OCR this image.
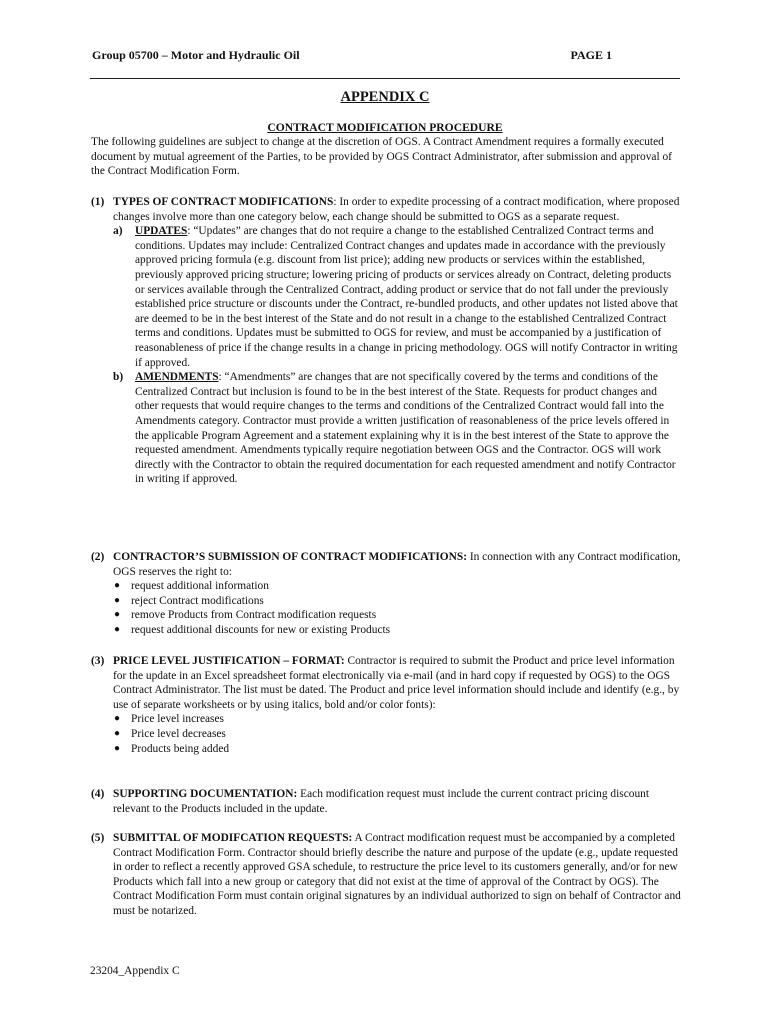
Group 05700 – Motor and Hydraulic Oil	PAGE 1
APPENDIX C
CONTRACT MODIFICATION PROCEDURE
The following guidelines are subject to change at the discretion of OGS. A Contract Amendment requires a formally executed document by mutual agreement of the Parties, to be provided by OGS Contract Administrator, after submission and approval of the Contract Modification Form.
(1) TYPES OF CONTRACT MODIFICATIONS: In order to expedite processing of a contract modification, where proposed changes involve more than one category below, each change should be submitted to OGS as a separate request.
a) UPDATES: “Updates” are changes that do not require a change to the established Centralized Contract terms and conditions. Updates may include: Centralized Contract changes and updates made in accordance with the previously approved pricing formula (e.g. discount from list price); adding new products or services within the established, previously approved pricing structure; lowering pricing of products or services already on Contract, deleting products or services available through the Centralized Contract, adding product or service that do not fall under the previously established price structure or discounts under the Contract, re-bundled products, and other updates not listed above that are deemed to be in the best interest of the State and do not result in a change to the established Centralized Contract terms and conditions. Updates must be submitted to OGS for review, and must be accompanied by a justification of reasonableness of price if the change results in a change in pricing methodology. OGS will notify Contractor in writing if approved.
b) AMENDMENTS: “Amendments” are changes that are not specifically covered by the terms and conditions of the Centralized Contract but inclusion is found to be in the best interest of the State. Requests for product changes and other requests that would require changes to the terms and conditions of the Centralized Contract would fall into the Amendments category. Contractor must provide a written justification of reasonableness of the price levels offered in the applicable Program Agreement and a statement explaining why it is in the best interest of the State to approve the requested amendment. Amendments typically require negotiation between OGS and the Contractor. OGS will work directly with the Contractor to obtain the required documentation for each requested amendment and notify Contractor in writing if approved.
(2) CONTRACTOR’S SUBMISSION OF CONTRACT MODIFICATIONS: In connection with any Contract modification, OGS reserves the right to:
● request additional information
● reject Contract modifications
● remove Products from Contract modification requests
● request additional discounts for new or existing Products
(3) PRICE LEVEL JUSTIFICATION – FORMAT: Contractor is required to submit the Product and price level information for the update in an Excel spreadsheet format electronically via e-mail (and in hard copy if requested by OGS) to the OGS Contract Administrator. The list must be dated. The Product and price level information should include and identify (e.g., by use of separate worksheets or by using italics, bold and/or color fonts):
● Price level increases
● Price level decreases
● Products being added
(4) SUPPORTING DOCUMENTATION: Each modification request must include the current contract pricing discount relevant to the Products included in the update.
(5) SUBMITTAL OF MODIFCATION REQUESTS: A Contract modification request must be accompanied by a completed Contract Modification Form. Contractor should briefly describe the nature and purpose of the update (e.g., update requested in order to reflect a recently approved GSA schedule, to restructure the price level to its customers generally, and/or for new Products which fall into a new group or category that did not exist at the time of approval of the Contract by OGS). The Contract Modification Form must contain original signatures by an individual authorized to sign on behalf of Contractor and must be notarized.
23204_Appendix C
